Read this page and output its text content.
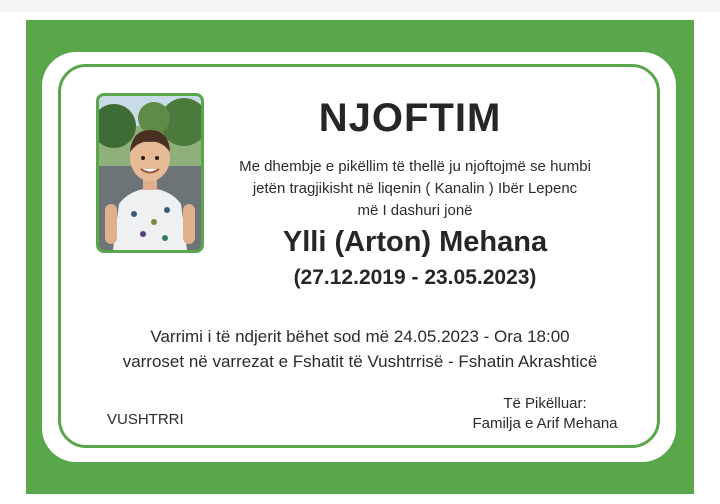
NJOFTIM
Me dhembje e pikëllim të thellë ju njoftojmë se humbi
jetën tragjikisht në liqenin ( Kanalin ) Ibër Lepenc
më I dashuri jonë
Ylli (Arton) Mehana
(27.12.2019 - 23.05.2023)
Varrimi i të ndjerit bëhet sod më 24.05.2023 - Ora 18:00
varroset në varrezat e Fshatit të Vushtrrisë - Fshatin Akrashticë
VUSHTRRI
Të Pikëlluar:
Familja e Arif Mehana
